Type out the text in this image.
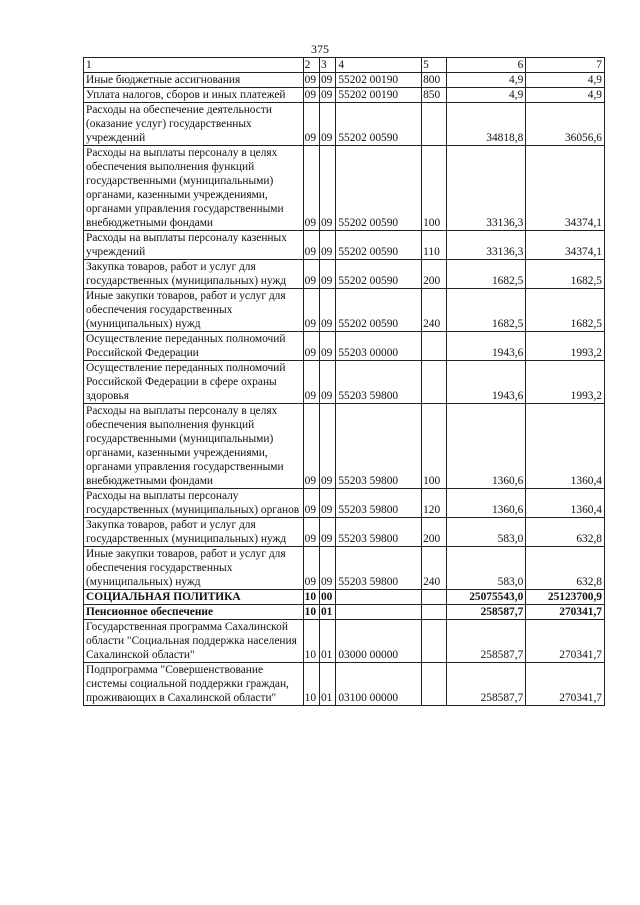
375
1	2	3	4	5	6	7
Иные бюджетные ассигнования	09	09	55202 00190	800	4,9	4,9
Уплата налогов, сборов и иных платежей	09	09	55202 00190	850	4,9	4,9
Расходы на обеспечение деятельности (оказание услуг) государственных учреждений	09	09	55202 00590		34818,8	36056,6
Расходы на выплаты персоналу в целях обеспечения выполнения функций государственными (муниципальными) органами, казенными учреждениями, органами управления государственными внебюджетными фондами	09	09	55202 00590	100	33136,3	34374,1
Расходы на выплаты персоналу казенных учреждений	09	09	55202 00590	110	33136,3	34374,1
Закупка товаров, работ и услуг для государственных (муниципальных) нужд	09	09	55202 00590	200	1682,5	1682,5
Иные закупки товаров, работ и услуг для обеспечения государственных (муниципальных) нужд	09	09	55202 00590	240	1682,5	1682,5
Осуществление переданных полномочий Российской Федерации	09	09	55203 00000		1943,6	1993,2
Осуществление переданных полномочий Российской Федерации в сфере охраны здоровья	09	09	55203 59800		1943,6	1993,2
Расходы на выплаты персоналу в целях обеспечения выполнения функций государственными (муниципальными) органами, казенными учреждениями, органами управления государственными внебюджетными фондами	09	09	55203 59800	100	1360,6	1360,4
Расходы на выплаты персоналу государственных (муниципальных) органов	09	09	55203 59800	120	1360,6	1360,4
Закупка товаров, работ и услуг для государственных (муниципальных) нужд	09	09	55203 59800	200	583,0	632,8
Иные закупки товаров, работ и услуг для обеспечения государственных (муниципальных) нужд	09	09	55203 59800	240	583,0	632,8
СОЦИАЛЬНАЯ ПОЛИТИКА	10	00			25075543,0	25123700,9
Пенсионное обеспечение	10	01			258587,7	270341,7
Государственная программа Сахалинской области "Социальная поддержка населения Сахалинской области"	10	01	03000 00000		258587,7	270341,7
Подпрограмма "Совершенствование системы социальной поддержки граждан, проживающих в Сахалинской области"	10	01	03100 00000		258587,7	270341,7
